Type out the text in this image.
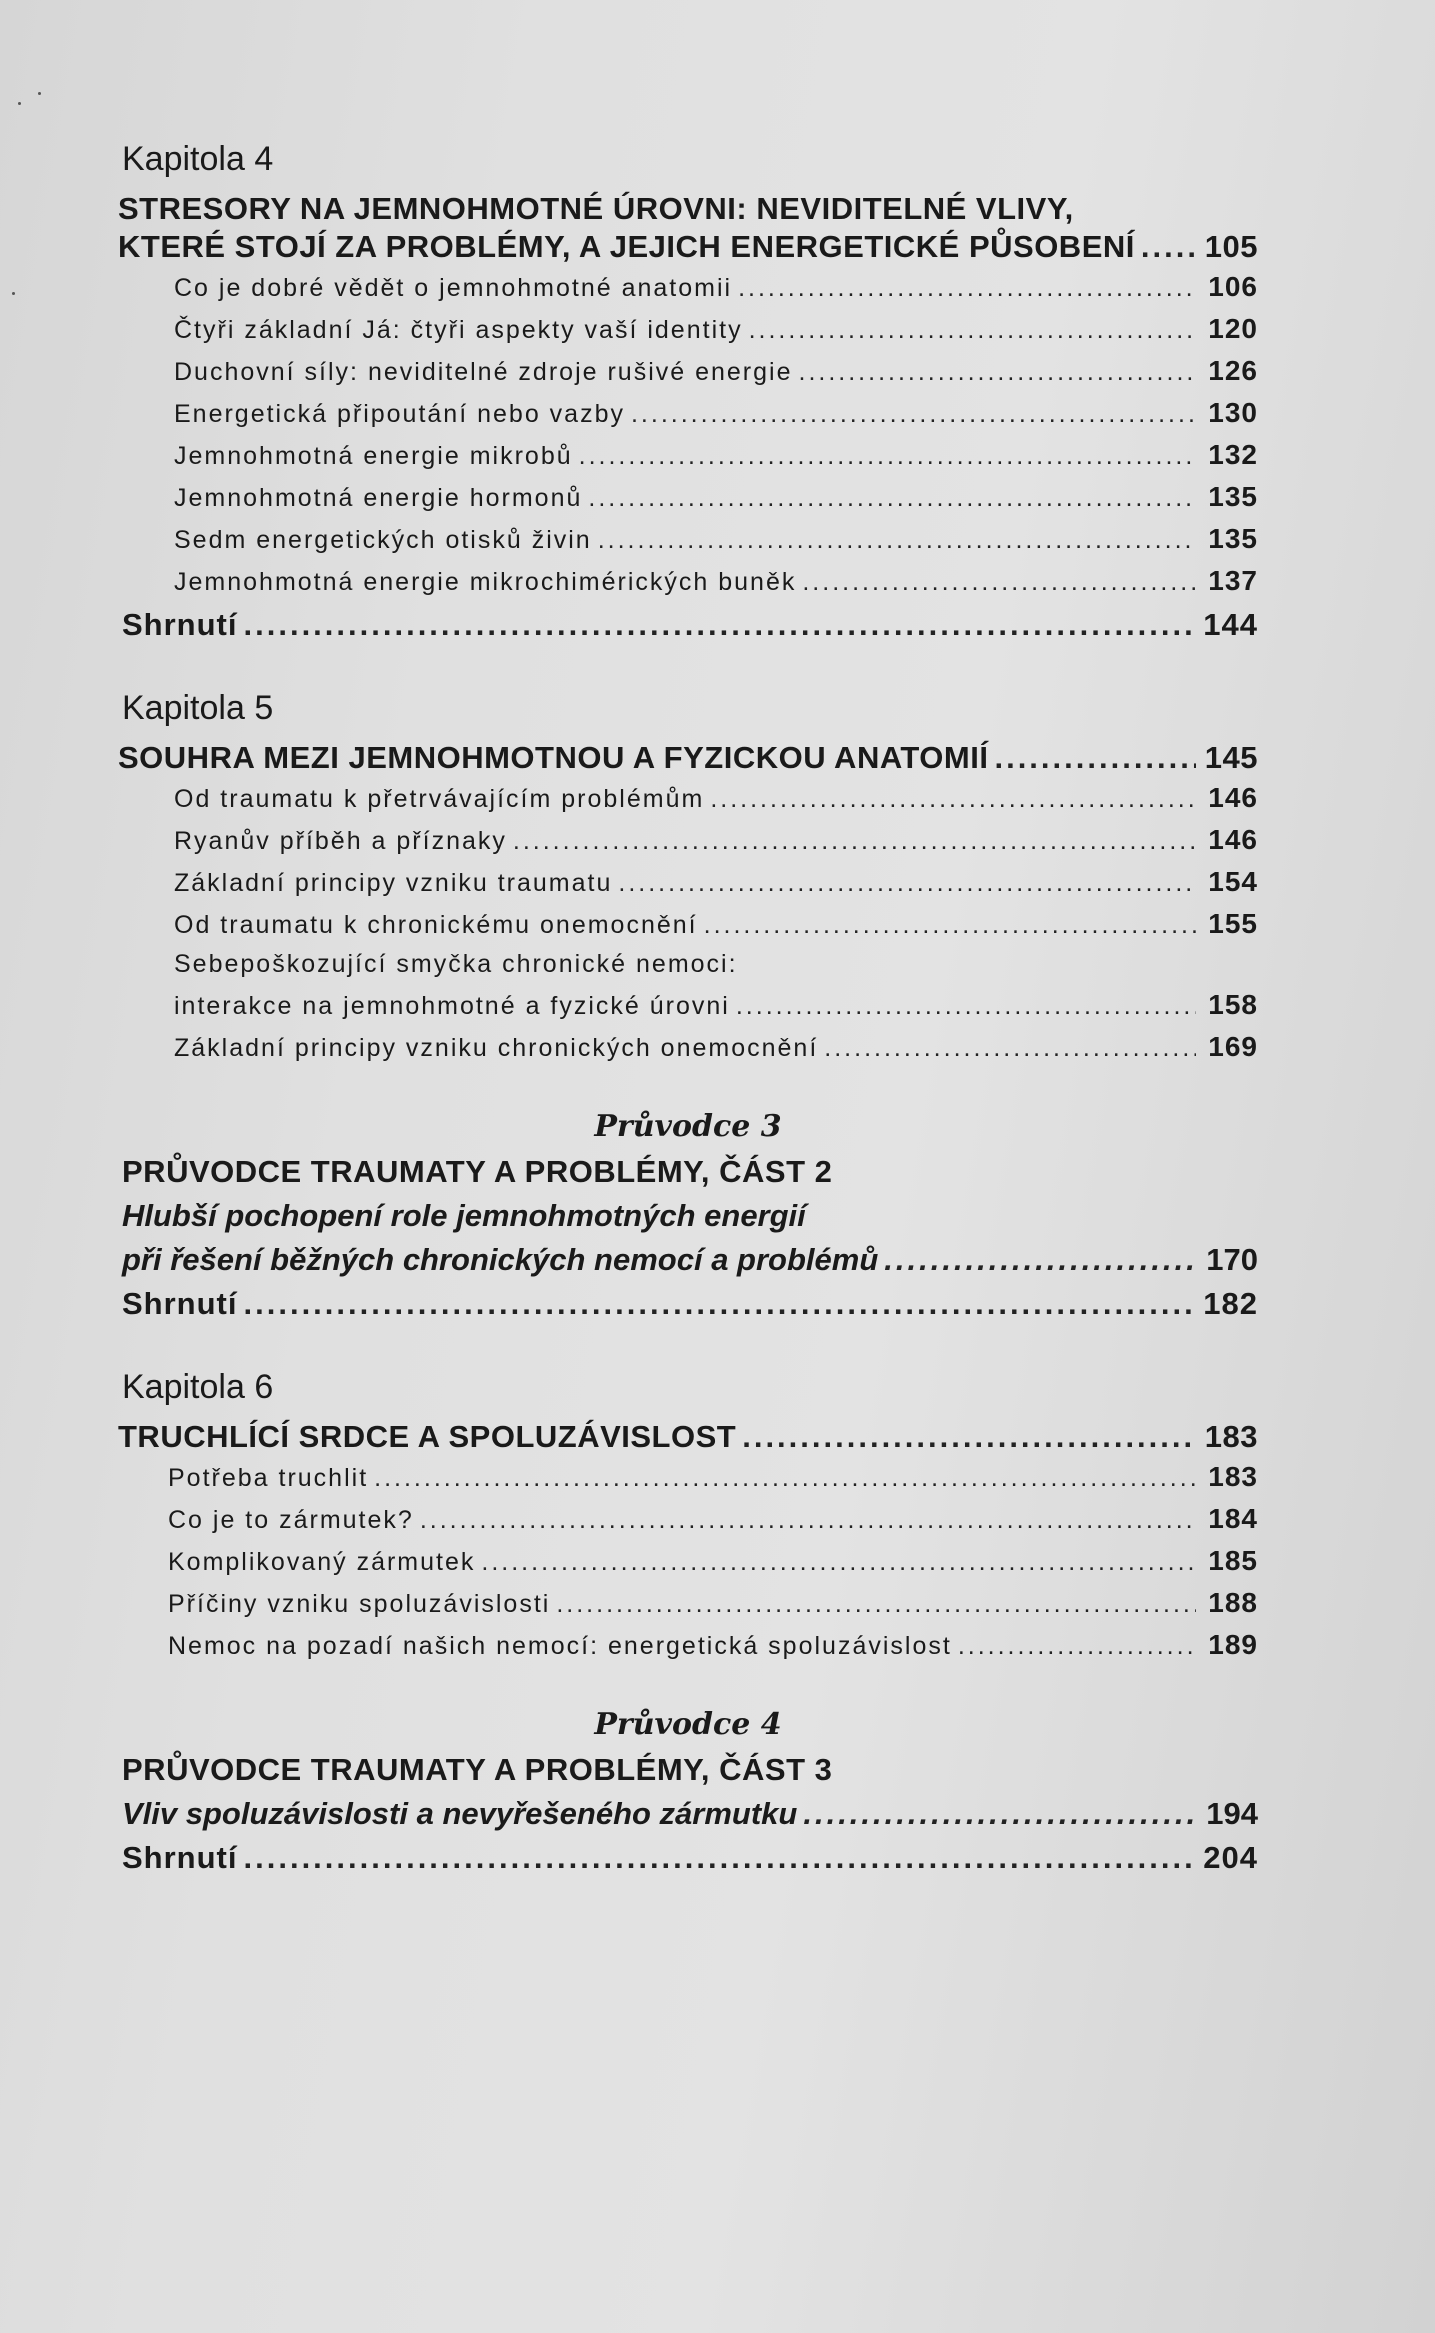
Kapitola 4
STRESORY NA JEMNOHMOTNÉ ÚROVNI: NEVIDITELNÉ VLIVY,
KTERÉ STOJÍ ZA PROBLÉMY, A JEJICH ENERGETICKÉ PŮSOBENÍ ..... 105
Co je dobré vědět o jemnohmotné anatomii .....	106
Čtyři základní Já: čtyři aspekty vaší identity .....	120
Duchovní síly: neviditelné zdroje rušivé energie .....	126
Energetická připoutání nebo vazby .....	130
Jemnohmotná energie mikrobů .....	132
Jemnohmotná energie hormonů .....	135
Sedm energetických otisků živin .....	135
Jemnohmotná energie mikrochimérických buněk .....	137
Shrnutí .....	144
Kapitola 5
SOUHRA MEZI JEMNOHMOTNOU A FYZICKOU ANATOMIÍ .....	145
Od traumatu k přetrvávajícím problémům .....	146
Ryanův příběh a příznaky .....	146
Základní principy vzniku traumatu .....	154
Od traumatu k chronickému onemocnění .....	155
Sebepoškozující smyčka chronické nemoci:
interakce na jemnohmotné a fyzické úrovni .....	158
Základní principy vzniku chronických onemocnění .....	169
Průvodce 3
PRŮVODCE TRAUMATY A PROBLÉMY, ČÁST 2
Hlubší pochopení role jemnohmotných energií
při řešení běžných chronických nemocí a problémů .....	170
Shrnutí .....	182
Kapitola 6
TRUCHLÍCÍ SRDCE A SPOLUZÁVISLOST .....	183
Potřeba truchlit .....	183
Co je to zármutek? .....	184
Komplikovaný zármutek .....	185
Příčiny vzniku spoluzávislosti .....	188
Nemoc na pozadí našich nemocí: energetická spoluzávislost .....	189
Průvodce 4
PRŮVODCE TRAUMATY A PROBLÉMY, ČÁST 3
Vliv spoluzávislosti a nevyřešeného zármutku .....	194
Shrnutí .....	204
